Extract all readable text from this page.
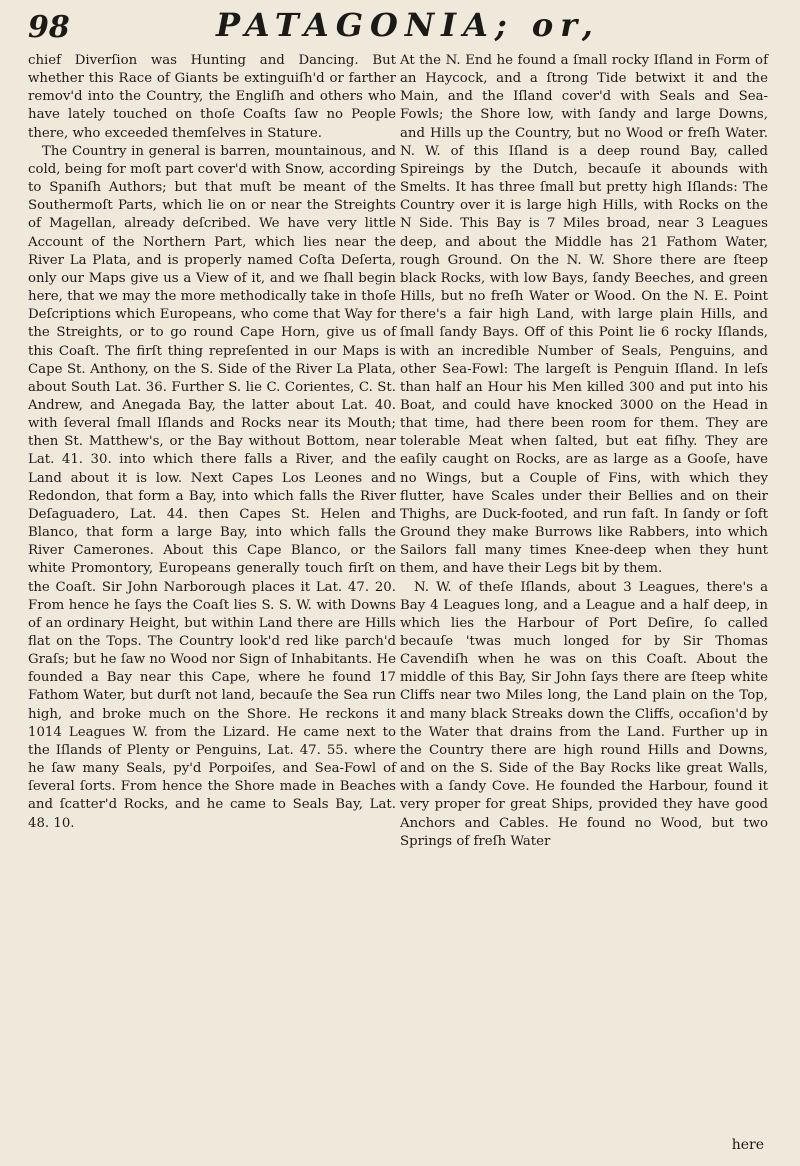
98	PATAGONIA; or,

chief Diverſion was Hunting and Dancing. But whether this Race of Giants be extinguiſh'd or farther remov'd into the Country, the Engliſh and others who have lately touched on thoſe Coaſts ſaw no People there, who exceeded themſelves in Stature.

The Country in general is barren, mountainous, and cold, being for moſt part cover'd with Snow, according to Spaniſh Authors; but that muſt be meant of the Southermoſt Parts, which lie on or near the Streights of Magellan, already deſcribed. We have very little Account of the Northern Part, which lies near the River La Plata, and is properly named Coſta Deſerta, only our Maps give us a View of it, and we ſhall begin here, that we may the more methodically take in thoſe Deſcriptions which Europeans, who come that Way for the Streights, or to go round Cape Horn, give us of this Coaſt. The firſt thing repreſented in our Maps is Cape St. Anthony, on the S. Side of the River La Plata, about South Lat. 36. Further S. lie C. Corientes, C. St. Andrew, and Anegada Bay, the latter about Lat. 40. with ſeveral ſmall Iſlands and Rocks near its Mouth; then St. Matthew's, or the Bay without Bottom, near Lat. 41. 30. into which there falls a River, and the Land about it is low. Next Capes Los Leones and Redondon, that form a Bay, into which falls the River Deſaguadero, Lat. 44. then Capes St. Helen and Blanco, that form a large Bay, into which falls the River Camerones. About this Cape Blanco, or the white Promontory, Europeans generally touch firſt on the Coaſt. Sir John Narborough places it Lat. 47. 20. From hence he ſays the Coaſt lies S. S. W. with Downs of an ordinary Height, but within Land there are Hills flat on the Tops. The Country look'd red like parch'd Graſs; but he ſaw no Wood nor Sign of Inhabitants. He founded a Bay near this Cape, where he found 17 Fathom Water, but durſt not land, becauſe the Sea run high, and broke much on the Shore. He reckons it 1014 Leagues W. from the Lizard. He came next to the Iſlands of Plenty or Penguins, Lat. 47. 55. where he ſaw many Seals, py'd Porpoiſes, and Sea-Fowl of ſeveral ſorts. From hence the Shore made in Beaches and ſcatter'd Rocks, and he came to Seals Bay, Lat. 48. 10.

At the N. End he found a ſmall rocky Iſland in Form of an Haycock, and a ſtrong Tide betwixt it and the Main, and the Iſland cover'd with Seals and Sea-Fowls; the Shore low, with ſandy and large Downs, and Hills up the Country, but no Wood or freſh Water. N. W. of this Iſland is a deep round Bay, called Spireings by the Dutch, becauſe it abounds with Smelts. It has three ſmall but pretty high Iſlands: The Country over it is large high Hills, with Rocks on the N Side. This Bay is 7 Miles broad, near 3 Leagues deep, and about the Middle has 21 Fathom Water, rough Ground. On the N. W. Shore there are ſteep black Rocks, with low Bays, ſandy Beeches, and green Hills, but no freſh Water or Wood. On the N. E. Point there's a fair high Land, with large plain Hills, and ſmall ſandy Bays. Off of this Point lie 6 rocky Iſlands, with an incredible Number of Seals, Penguins, and other Sea-Fowl: The largeſt is Penguin Iſland. In leſs than half an Hour his Men killed 300 and put into his Boat, and could have knocked 3000 on the Head in that time, had there been room for them. They are tolerable Meat when ſalted, but eat fiſhy. They are eaſily caught on Rocks, are as large as a Gooſe, have no Wings, but a Couple of Fins, with which they flutter, have Scales under their Bellies and on their Thighs, are Duck-footed, and run faſt. In ſandy or ſoft Ground they make Burrows like Rabbers, into which Sailors fall many times Knee-deep when they hunt them, and have their Legs bit by them.

N. W. of theſe Iſlands, about 3 Leagues, there's a Bay 4 Leagues long, and a League and a half deep, in which lies the Harbour of Port Deſire, ſo called becauſe 'twas much longed for by Sir Thomas Cavendiſh when he was on this Coaſt. About the middle of this Bay, Sir John ſays there are ſteep white Cliffs near two Miles long, the Land plain on the Top, and many black Streaks down the Cliffs, occaſion'd by the Water that drains from the Land. Further up in the Country there are high round Hills and Downs, and on the S. Side of the Bay Rocks like great Walls, with a ſandy Cove. He founded the Harbour, found it very proper for great Ships, provided they have good Anchors and Cables. He found no Wood, but two Springs of freſh Water

here
